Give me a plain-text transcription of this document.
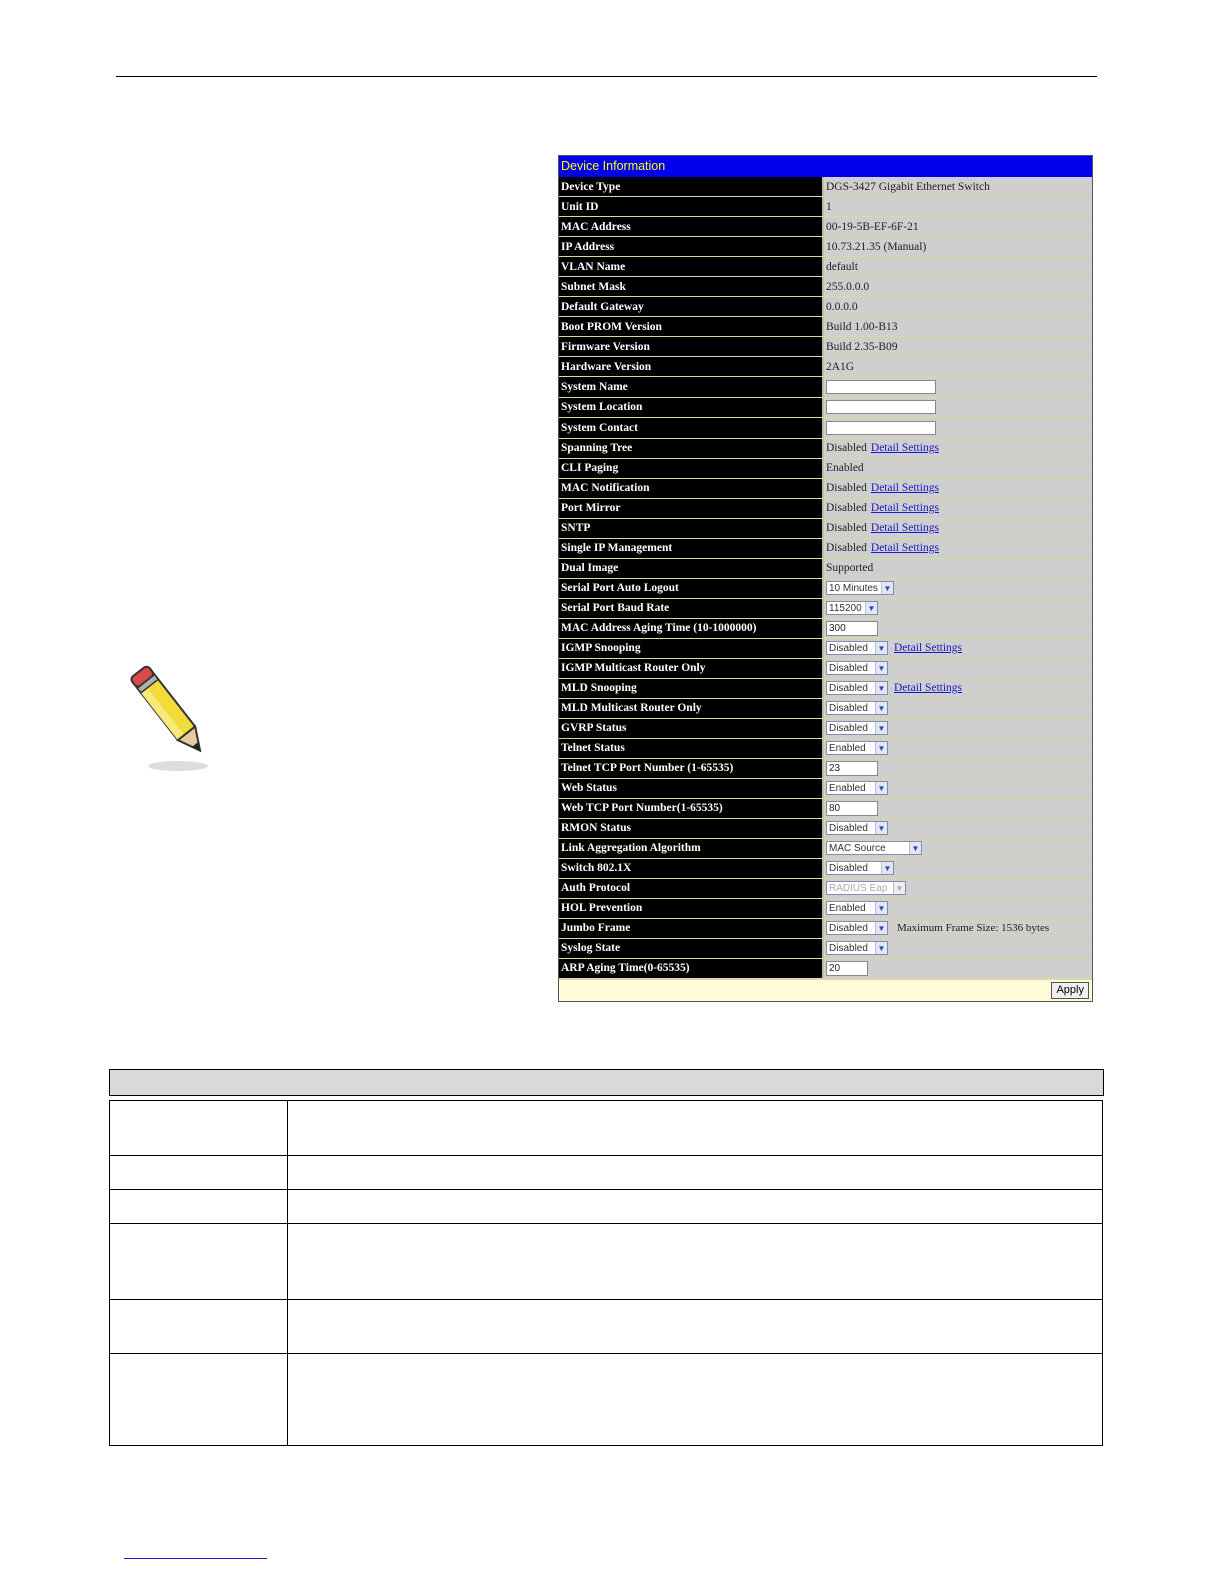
Device Information
Device Type	DGS-3427 Gigabit Ethernet Switch
Unit ID	1
MAC Address	00-19-5B-EF-6F-21
IP Address	10.73.21.35 (Manual)
VLAN Name	default
Subnet Mask	255.0.0.0
Default Gateway	0.0.0.0
Boot PROM Version	Build 1.00-B13
Firmware Version	Build 2.35-B09
Hardware Version	2A1G
System Name
System Location
System Contact
Spanning Tree	Disabled Detail Settings
CLI Paging	Enabled
MAC Notification	Disabled Detail Settings
Port Mirror	Disabled Detail Settings
SNTP	Disabled Detail Settings
Single IP Management	Disabled Detail Settings
Dual Image	Supported
Serial Port Auto Logout	10 Minutes ▼
Serial Port Baud Rate	115200 ▼
MAC Address Aging Time (10-1000000)	300
IGMP Snooping	Disabled	▼ Detail Settings
IGMP Multicast Router Only	Disabled	▼
MLD Snooping	Disabled	▼ Detail Settings
MLD Multicast Router Only	Disabled	▼
GVRP Status	Disabled	▼
Telnet Status	Enabled	▼
Telnet TCP Port Number (1-65535)	23
Web Status	Enabled	▼
Web TCP Port Number(1-65535)	80
RMON Status	Disabled	▼
Link Aggregation Algorithm	MAC Source	▼
Switch 802.1X	Disabled	▼
Auth Protocol	RADIUS Eap	▼
HOL Prevention	Enabled	▼
Jumbo Frame	Disabled	▼ Maximum Frame Size: 1536 bytes
Syslog State	Disabled	▼
ARP Aging Time(0-65535)	20
Apply
